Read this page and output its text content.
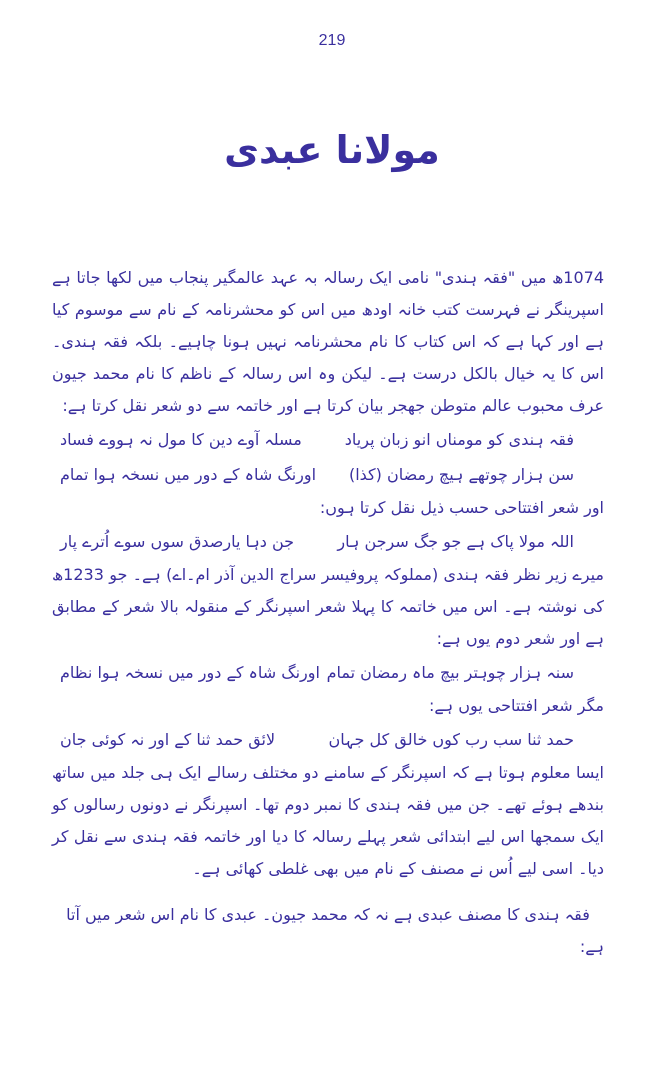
219
مولانا عبدی

1074ھ میں "فقہ ہندی" نامی ایک رسالہ بہ عہد عالمگیر پنجاب میں لکھا جاتا ہے اسپرینگر نے فہرست کتب خانہ اودھ میں اس کو محشرنامہ کے نام سے موسوم کیا ہے اور کہا ہے کہ اس کتاب کا نام محشرنامہ نہیں ہونا چاہیے۔ بلکہ فقہ ہندی۔ اس کا یہ خیال بالکل درست ہے۔ لیکن وہ اس رسالہ کے ناظم کا نام محمد جیون عرف محبوب عالم متوطن جھجر بیان کرتا ہے اور خاتمہ سے دو شعر نقل کرتا ہے:

فقہ ہندی کو مومناں انو زبان پریاد
مسلہ آوے دین کا مول نہ ہووے فساد
سن ہزار چوتھے ہیچ رمضان (کذا)
اورنگ شاہ کے دور میں نسخہ ہوا تمام

اور شعر افتتاحی حسب ذیل نقل کرتا ہوں:

اللہ مولا پاک ہے جو جگ سرجن ہار
جن دہا یارصدق سوں سوے اُترے پار

میرے زیر نظر فقہ ہندی (مملوکہ پروفیسر سراج الدین آذر ام۔اے) ہے۔ جو 1233ھ کی نوشتہ ہے۔ اس میں خاتمہ کا پہلا شعر اسپرنگر کے منقولہ بالا شعر کے مطابق ہے اور شعر دوم یوں ہے:

سنہ ہزار چوہتر بیچ ماہ رمضان تمام
اورنگ شاہ کے دور میں نسخہ ہوا نظام

مگر شعر افتتاحی یوں ہے:

حمد ثنا سب رب کوں خالق کل جہان
لائق حمد ثنا کے اور نہ کوئی جان

ایسا معلوم ہوتا ہے کہ اسپرنگر کے سامنے دو مختلف رسالے ایک ہی جلد میں ساتھ بندھے ہوئے تھے۔ جن میں فقہ ہندی کا نمبر دوم تھا۔ اسپرنگر نے دونوں رسالوں کو ایک سمجھا اس لیے ابتدائی شعر پہلے رسالہ کا دیا اور خاتمہ فقہ ہندی سے نقل کر دیا۔ اسی لیے اُس نے مصنف کے نام میں بھی غلطی کھائی ہے۔

فقہ ہندی کا مصنف عبدی ہے نہ کہ محمد جیون۔ عبدی کا نام اس شعر میں آتا ہے:
